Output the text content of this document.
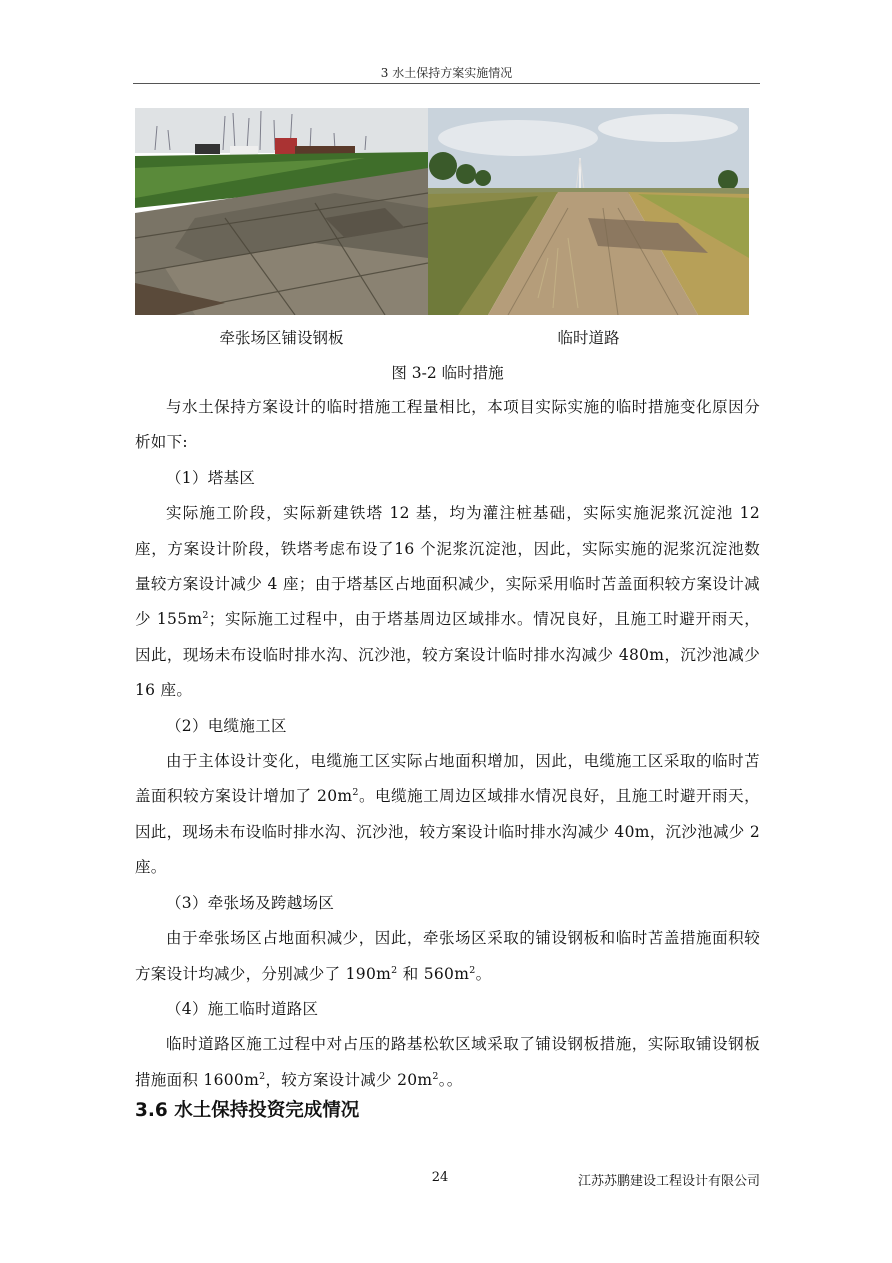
3 水土保持方案实施情况
牵张场区铺设钢板	临时道路
图 3-2 临时措施

与水土保持方案设计的临时措施工程量相比，本项目实际实施的临时措施变化原因分析如下:

（1）塔基区

实际施工阶段，实际新建铁塔 12 基，均为灌注桩基础，实际实施泥浆沉淀池 12 座，方案设计阶段，铁塔考虑布设了16 个泥浆沉淀池，因此，实际实施的泥浆沉淀池数量较方案设计减少 4 座；由于塔基区占地面积减少，实际采用临时苫盖面积较方案设计减少 $155m^2$；实际施工过程中，由于塔基周边区域排水。情况良好，且施工时避开雨天，因此，现场未布设临时排水沟、沉沙池，较方案设计临时排水沟减少 480m，沉沙池减少 16 座。

（2）电缆施工区

由于主体设计变化，电缆施工区实际占地面积增加，因此，电缆施工区采取的临时苫盖面积较方案设计增加了 $20m^2$。电缆施工周边区域排水情况良好，且施工时避开雨天，因此，现场未布设临时排水沟、沉沙池，较方案设计临时排水沟减少 40m，沉沙池减少 2 座。

（3）牵张场及跨越场区

由于牵张场区占地面积减少，因此，牵张场区采取的铺设钢板和临时苫盖措施面积较方案设计均减少，分别减少了 $190m^2$ 和 $560m^2$。

（4）施工临时道路区

临时道路区施工过程中对占压的路基松软区域采取了铺设钢板措施，实际取铺设钢板措施面积 $1600m^2$，较方案设计减少 $20m^2$。。

3.6 水土保持投资完成情况
24	江苏苏鹏建设工程设计有限公司
